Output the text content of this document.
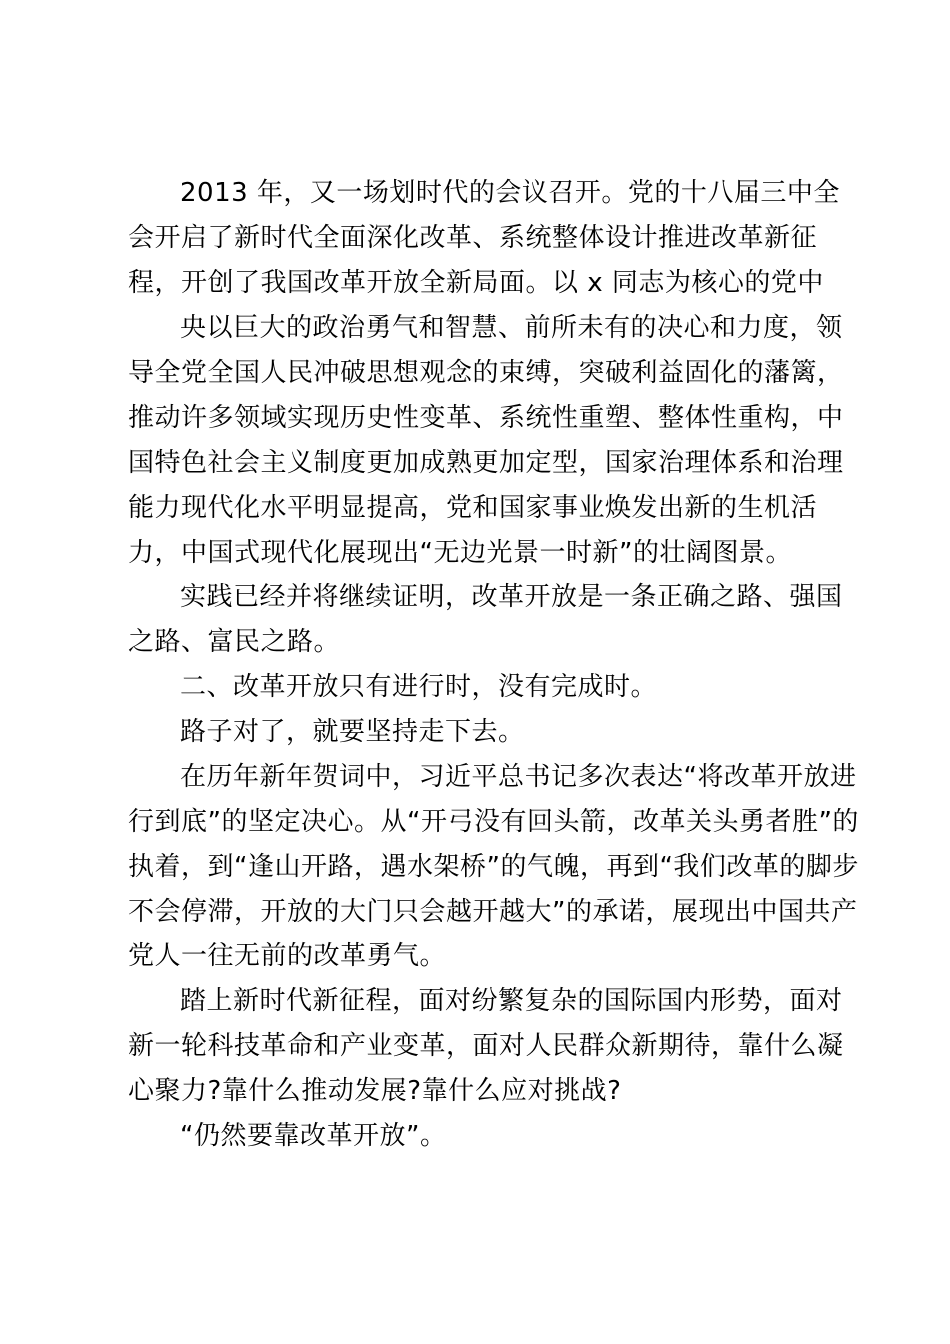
2013 年，又一场划时代的会议召开。党的十八届三中全
会开启了新时代全面深化改革、系统整体设计推进改革新征
程，开创了我国改革开放全新局面。以 x 同志为核心的党中
央以巨大的政治勇气和智慧、前所未有的决心和力度，领
导全党全国人民冲破思想观念的束缚，突破利益固化的藩篱，
推动许多领域实现历史性变革、系统性重塑、整体性重构，中
国特色社会主义制度更加成熟更加定型，国家治理体系和治理
能力现代化水平明显提高，党和国家事业焕发出新的生机活
力，中国式现代化展现出“无边光景一时新”的壮阔图景。
实践已经并将继续证明，改革开放是一条正确之路、强国
之路、富民之路。
二、改革开放只有进行时，没有完成时。
路子对了，就要坚持走下去。
在历年新年贺词中，习近平总书记多次表达“将改革开放进
行到底”的坚定决心。从“开弓没有回头箭，改革关头勇者胜”的
执着，到“逢山开路，遇水架桥”的气魄，再到“我们改革的脚步
不会停滞，开放的大门只会越开越大”的承诺，展现出中国共产
党人一往无前的改革勇气。
踏上新时代新征程，面对纷繁复杂的国际国内形势，面对
新一轮科技革命和产业变革，面对人民群众新期待，靠什么凝
心聚力?靠什么推动发展?靠什么应对挑战?
“仍然要靠改革开放”。
